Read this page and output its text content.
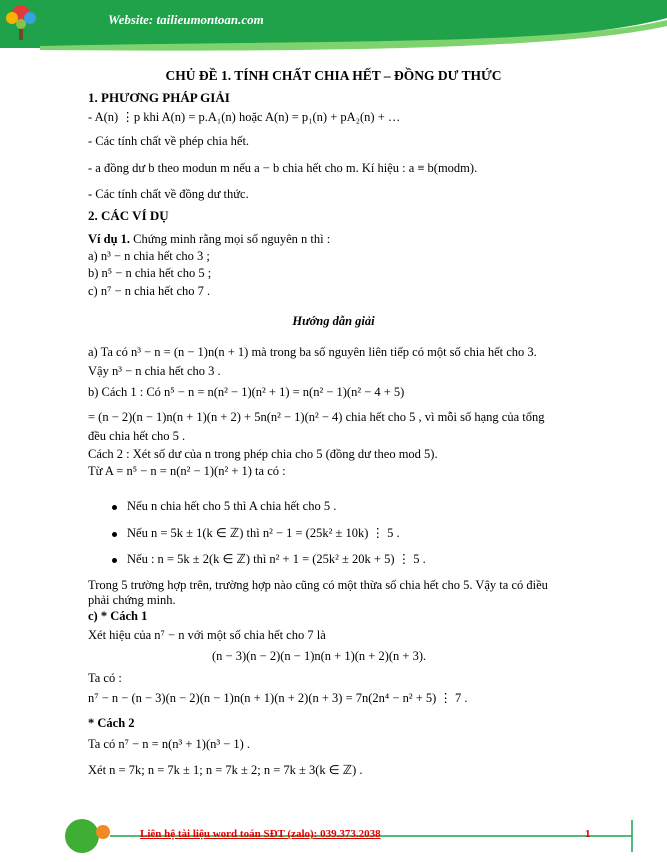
Website: tailieumontoan.com
CHỦ ĐỀ 1. TÍNH CHẤT CHIA HẾT – ĐỒNG DƯ THỨC
1. PHƯƠNG PHÁP GIẢI
- A(n) ⋮p khi A(n) = p.A₁(n) hoặc A(n) = p₁(n) + pA₂(n) + …
- Các tính chất về phép chia hết.
- a đồng dư b theo modun m nếu a − b chia hết cho m. Kí hiệu : a ≡ b(modm).
- Các tính chất về đồng dư thức.
2. CÁC VÍ DỤ
Ví dụ 1. Chứng minh rằng mọi số nguyên n thì :
a) n³ − n chia hết cho 3 ;
b) n⁵ − n chia hết cho 5 ;
c) n⁷ − n chia hết cho 7 .
Hướng dẫn giải
a) Ta có n³ − n = (n − 1)n(n + 1) mà trong ba số nguyên liên tiếp có một số chia hết cho 3.
Vậy n³ − n chia hết cho 3 .
b) Cách 1 : Có n⁵ − n = n(n² − 1)(n² + 1) = n(n² − 1)(n² − 4 + 5)
= (n − 2)(n − 1)n(n + 1)(n + 2) + 5n(n² − 1)(n² − 4) chia hết cho 5 , vì mỗi số hạng của tổng
đều chia hết cho 5 .
Cách 2 : Xét số dư của n trong phép chia cho 5 (đồng dư theo mod 5).
Từ A = n⁵ − n = n(n² − 1)(n² + 1) ta có :
Nếu n chia hết cho 5 thì A chia hết cho 5 .
Nếu n = 5k ± 1(k ∈ ℤ) thì n² − 1 = (25k² ± 10k) ⋮ 5 .
Nếu : n = 5k ± 2(k ∈ ℤ) thì n² + 1 = (25k² ± 20k + 5) ⋮ 5 .
Trong 5 trường hợp trên, trường hợp nào cũng có một thừa số chia hết cho 5. Vậy ta có điều
phải chứng minh.
c) * Cách 1
Xét hiệu của n⁷ − n với một số chia hết cho 7 là
(n − 3)(n − 2)(n − 1)n(n + 1)(n + 2)(n + 3).
Ta có :
n⁷ − n − (n − 3)(n − 2)(n − 1)n(n + 1)(n + 2)(n + 3) = 7n(2n⁴ − n² + 5) ⋮ 7 .
* Cách 2
Ta có n⁷ − n = n(n³ + 1)(n³ − 1) .
Xét n = 7k; n = 7k ± 1; n = 7k ± 2; n = 7k ± 3(k ∈ ℤ) .
Liên hệ tài liệu word toán SĐT (zalo): 039.373.2038	1
